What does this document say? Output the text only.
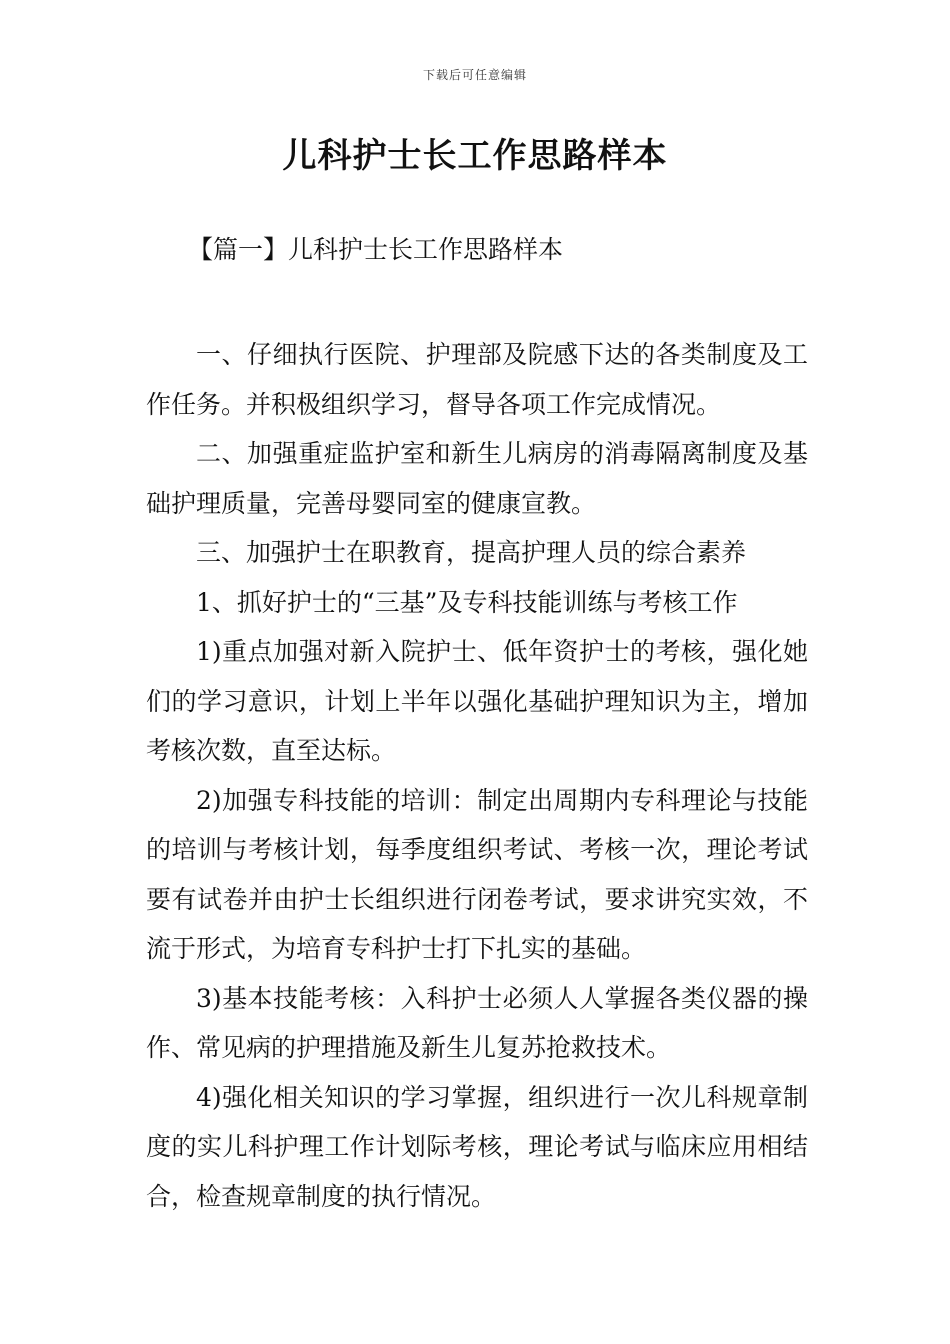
下载后可任意编辑
儿科护士长工作思路样本
【篇一】儿科护士长工作思路样本

一、仔细执行医院、护理部及院感下达的各类制度及工作任务。并积极组织学习，督导各项工作完成情况。

二、加强重症监护室和新生儿病房的消毒隔离制度及基础护理质量，完善母婴同室的健康宣教。

三、加强护士在职教育，提高护理人员的综合素养

1、抓好护士的“三基”及专科技能训练与考核工作

1)重点加强对新入院护士、低年资护士的考核，强化她们的学习意识，计划上半年以强化基础护理知识为主，增加考核次数，直至达标。

2)加强专科技能的培训：制定出周期内专科理论与技能的培训与考核计划，每季度组织考试、考核一次，理论考试要有试卷并由护士长组织进行闭卷考试，要求讲究实效，不流于形式，为培育专科护士打下扎实的基础。

3)基本技能考核：入科护士必须人人掌握各类仪器的操作、常见病的护理措施及新生儿复苏抢救技术。

4)强化相关知识的学习掌握，组织进行一次儿科规章制度的实儿科护理工作计划际考核，理论考试与临床应用相结合，检查规章制度的执行情况。
